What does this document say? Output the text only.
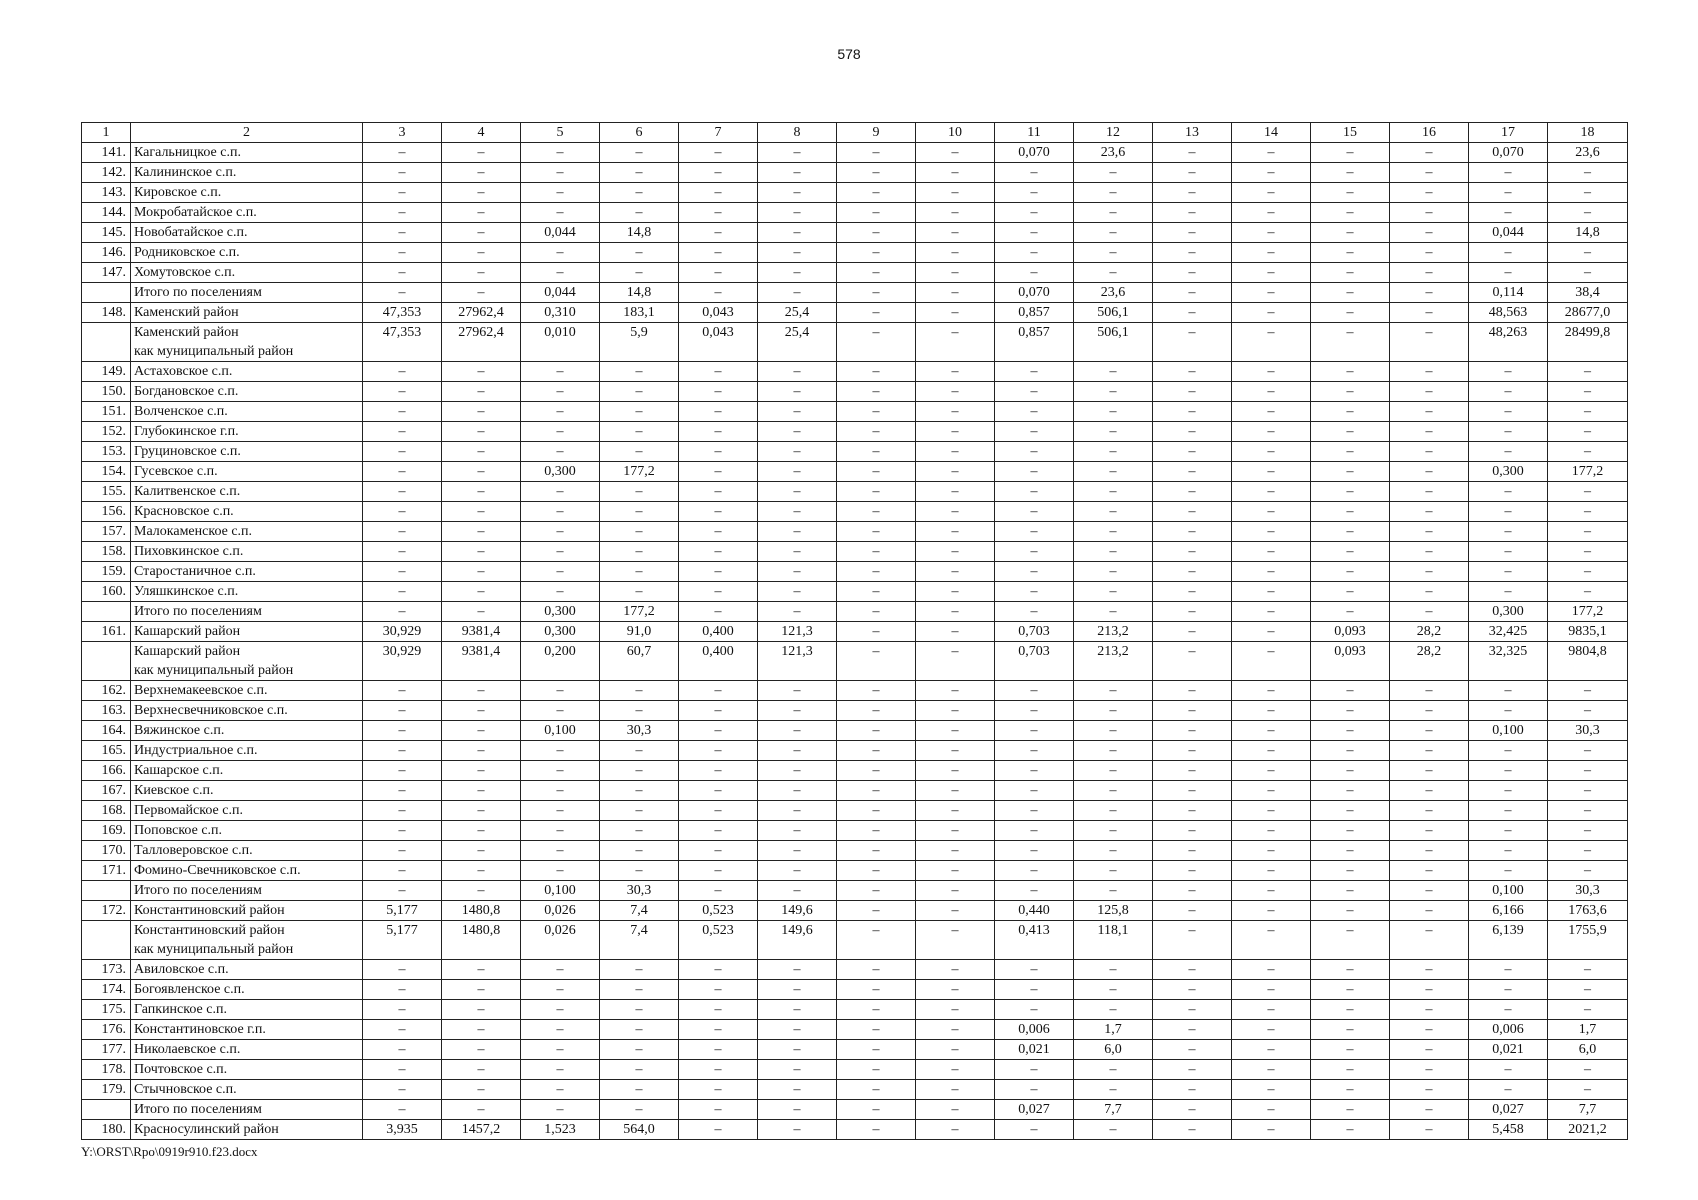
578
1	2	3	4	5	6	7	8	9	10	11	12	13	14	15	16	17	18
141.	Кагальницкое с.п.	–	–	–	–	–	–	–	–	0,070	23,6	–	–	–	–	0,070	23,6
142.	Калининское с.п.	–	–	–	–	–	–	–	–	–	–	–	–	–	–	–	–
143.	Кировское с.п.	–	–	–	–	–	–	–	–	–	–	–	–	–	–	–	–
144.	Мокробатайское с.п.	–	–	–	–	–	–	–	–	–	–	–	–	–	–	–	–
145.	Новобатайское с.п.	–	–	0,044	14,8	–	–	–	–	–	–	–	–	–	–	0,044	14,8
146.	Родниковское с.п.	–	–	–	–	–	–	–	–	–	–	–	–	–	–	–	–
147.	Хомутовское с.п.	–	–	–	–	–	–	–	–	–	–	–	–	–	–	–	–
	Итого по поселениям	–	–	0,044	14,8	–	–	–	–	0,070	23,6	–	–	–	–	0,114	38,4
148.	Каменский район	47,353	27962,4	0,310	183,1	0,043	25,4	–	–	0,857	506,1	–	–	–	–	48,563	28677,0
	Каменский район
как муниципальный район	47,353	27962,4	0,010	5,9	0,043	25,4	–	–	0,857	506,1	–	–	–	–	48,263	28499,8
149.	Астаховское с.п.	–	–	–	–	–	–	–	–	–	–	–	–	–	–	–	–
150.	Богдановское с.п.	–	–	–	–	–	–	–	–	–	–	–	–	–	–	–	–
151.	Волченское с.п.	–	–	–	–	–	–	–	–	–	–	–	–	–	–	–	–
152.	Глубокинское г.п.	–	–	–	–	–	–	–	–	–	–	–	–	–	–	–	–
153.	Груциновское с.п.	–	–	–	–	–	–	–	–	–	–	–	–	–	–	–	–
154.	Гусевское с.п.	–	–	0,300	177,2	–	–	–	–	–	–	–	–	–	–	0,300	177,2
155.	Калитвенское с.п.	–	–	–	–	–	–	–	–	–	–	–	–	–	–	–	–
156.	Красновское с.п.	–	–	–	–	–	–	–	–	–	–	–	–	–	–	–	–
157.	Малокаменское с.п.	–	–	–	–	–	–	–	–	–	–	–	–	–	–	–	–
158.	Пиховкинское с.п.	–	–	–	–	–	–	–	–	–	–	–	–	–	–	–	–
159.	Старостаничное с.п.	–	–	–	–	–	–	–	–	–	–	–	–	–	–	–	–
160.	Уляшкинское с.п.	–	–	–	–	–	–	–	–	–	–	–	–	–	–	–	–
	Итого по поселениям	–	–	0,300	177,2	–	–	–	–	–	–	–	–	–	–	0,300	177,2
161.	Кашарский район	30,929	9381,4	0,300	91,0	0,400	121,3	–	–	0,703	213,2	–	–	0,093	28,2	32,425	9835,1
	Кашарский район
как муниципальный район	30,929	9381,4	0,200	60,7	0,400	121,3	–	–	0,703	213,2	–	–	0,093	28,2	32,325	9804,8
162.	Верхнемакеевское с.п.	–	–	–	–	–	–	–	–	–	–	–	–	–	–	–	–
163.	Верхнесвечниковское с.п.	–	–	–	–	–	–	–	–	–	–	–	–	–	–	–	–
164.	Вяжинское с.п.	–	–	0,100	30,3	–	–	–	–	–	–	–	–	–	–	0,100	30,3
165.	Индустриальное с.п.	–	–	–	–	–	–	–	–	–	–	–	–	–	–	–	–
166.	Кашарское с.п.	–	–	–	–	–	–	–	–	–	–	–	–	–	–	–	–
167.	Киевское с.п.	–	–	–	–	–	–	–	–	–	–	–	–	–	–	–	–
168.	Первомайское с.п.	–	–	–	–	–	–	–	–	–	–	–	–	–	–	–	–
169.	Поповское с.п.	–	–	–	–	–	–	–	–	–	–	–	–	–	–	–	–
170.	Талловеровское с.п.	–	–	–	–	–	–	–	–	–	–	–	–	–	–	–	–
171.	Фомино-Свечниковское с.п.	–	–	–	–	–	–	–	–	–	–	–	–	–	–	–	–
	Итого по поселениям	–	–	0,100	30,3	–	–	–	–	–	–	–	–	–	–	0,100	30,3
172.	Константиновский район	5,177	1480,8	0,026	7,4	0,523	149,6	–	–	0,440	125,8	–	–	–	–	6,166	1763,6
	Константиновский район
как муниципальный район	5,177	1480,8	0,026	7,4	0,523	149,6	–	–	0,413	118,1	–	–	–	–	6,139	1755,9
173.	Авиловское с.п.	–	–	–	–	–	–	–	–	–	–	–	–	–	–	–	–
174.	Богоявленское с.п.	–	–	–	–	–	–	–	–	–	–	–	–	–	–	–	–
175.	Гапкинское с.п.	–	–	–	–	–	–	–	–	–	–	–	–	–	–	–	–
176.	Константиновское г.п.	–	–	–	–	–	–	–	–	0,006	1,7	–	–	–	–	0,006	1,7
177.	Николаевское с.п.	–	–	–	–	–	–	–	–	0,021	6,0	–	–	–	–	0,021	6,0
178.	Почтовское с.п.	–	–	–	–	–	–	–	–	–	–	–	–	–	–	–	–
179.	Стычновское с.п.	–	–	–	–	–	–	–	–	–	–	–	–	–	–	–	–
	Итого по поселениям	–	–	–	–	–	–	–	–	0,027	7,7	–	–	–	–	0,027	7,7
180.	Красносулинский район	3,935	1457,2	1,523	564,0	–	–	–	–	–	–	–	–	–	–	5,458	2021,2
Y:\ORST\Rpo\0919r910.f23.docx
